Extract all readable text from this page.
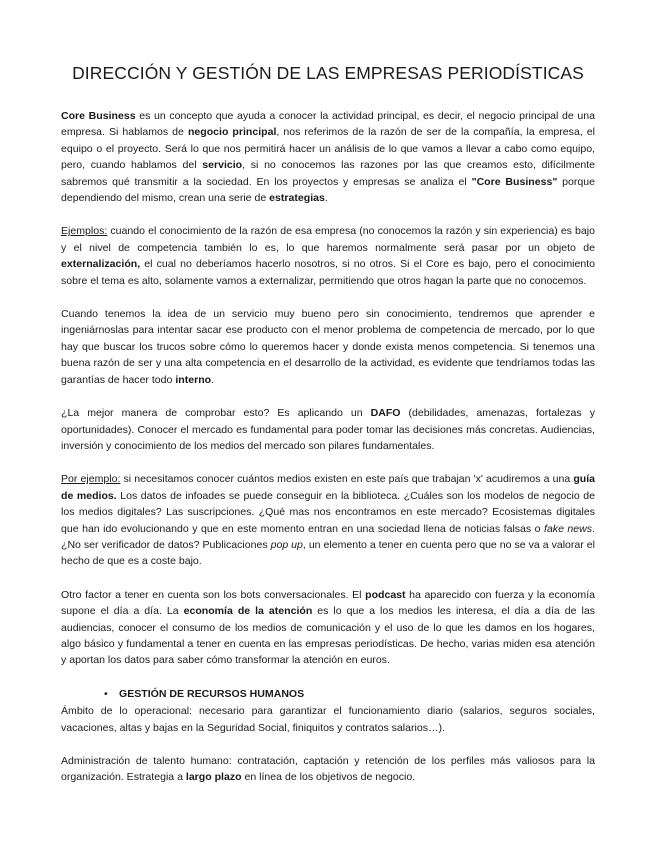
DIRECCIÓN Y GESTIÓN DE LAS EMPRESAS PERIODÍSTICAS

Core Business es un concepto que ayuda a conocer la actividad principal, es decir, el negocio principal de una empresa. Si hablamos de negocio principal, nos referimos de la razón de ser de la compañía, la empresa, el equipo o el proyecto. Será lo que nos permitirá hacer un análisis de lo que vamos a llevar a cabo como equipo, pero, cuando hablamos del servicio, si no conocemos las razones por las que creamos esto, difícilmente sabremos qué transmitir a la sociedad. En los proyectos y empresas se analiza el "Core Business" porque dependiendo del mismo, crean una serie de estrategias.

Ejemplos: cuando el conocimiento de la razón de esa empresa (no conocemos la razón y sin experiencia) es bajo y el nivel de competencia también lo es, lo que haremos normalmente será pasar por un objeto de externalización, el cual no deberíamos hacerlo nosotros, si no otros. Si el Core es bajo, pero el conocimiento sobre el tema es alto, solamente vamos a externalizar, permitiendo que otros hagan la parte que no conocemos.

Cuando tenemos la idea de un servicio muy bueno pero sin conocimiento, tendremos que aprender e ingeniárnoslas para intentar sacar ese producto con el menor problema de competencia de mercado, por lo que hay que buscar los trucos sobre cómo lo queremos hacer y donde exista menos competencia. Si tenemos una buena razón de ser y una alta competencia en el desarrollo de la actividad, es evidente que tendríamos todas las garantías de hacer todo interno.

¿La mejor manera de comprobar esto? Es aplicando un DAFO (debilidades, amenazas, fortalezas y oportunidades). Conocer el mercado es fundamental para poder tomar las decisiones más concretas. Audiencias, inversión y conocimiento de los medios del mercado son pilares fundamentales.

Por ejemplo: si necesitamos conocer cuántos medios existen en este país que trabajan 'x' acudiremos a una guía de medios. Los datos de infoades se puede conseguir en la biblioteca. ¿Cuáles son los modelos de negocio de los medios digitales? Las suscripciones. ¿Qué mas nos encontramos en este mercado? Ecosistemas digitales que han ido evolucionando y que en este momento entran en una sociedad llena de noticias falsas o fake news. ¿No ser verificador de datos? Publicaciones pop up, un elemento a tener en cuenta pero que no se va a valorar el hecho de que es a coste bajo.

Otro factor a tener en cuenta son los bots conversacionales. El podcast ha aparecido con fuerza y la economía supone el día a día. La economía de la atención es lo que a los medios les interesa, el día a día de las audiencias, conocer el consumo de los medios de comunicación y el uso de lo que les damos en los hogares, algo básico y fundamental a tener en cuenta en las empresas periodísticas. De hecho, varias miden esa atención y aportan los datos para saber cómo transformar la atención en euros.

• GESTIÓN DE RECURSOS HUMANOS

Ámbito de lo operacional: necesario para garantizar el funcionamiento diario (salarios, seguros sociales, vacaciones, altas y bajas en la Seguridad Social, finiquitos y contratos salarios…).

Administración de talento humano: contratación, captación y retención de los perfiles más valiosos para la organización. Estrategia a largo plazo en línea de los objetivos de negocio.
